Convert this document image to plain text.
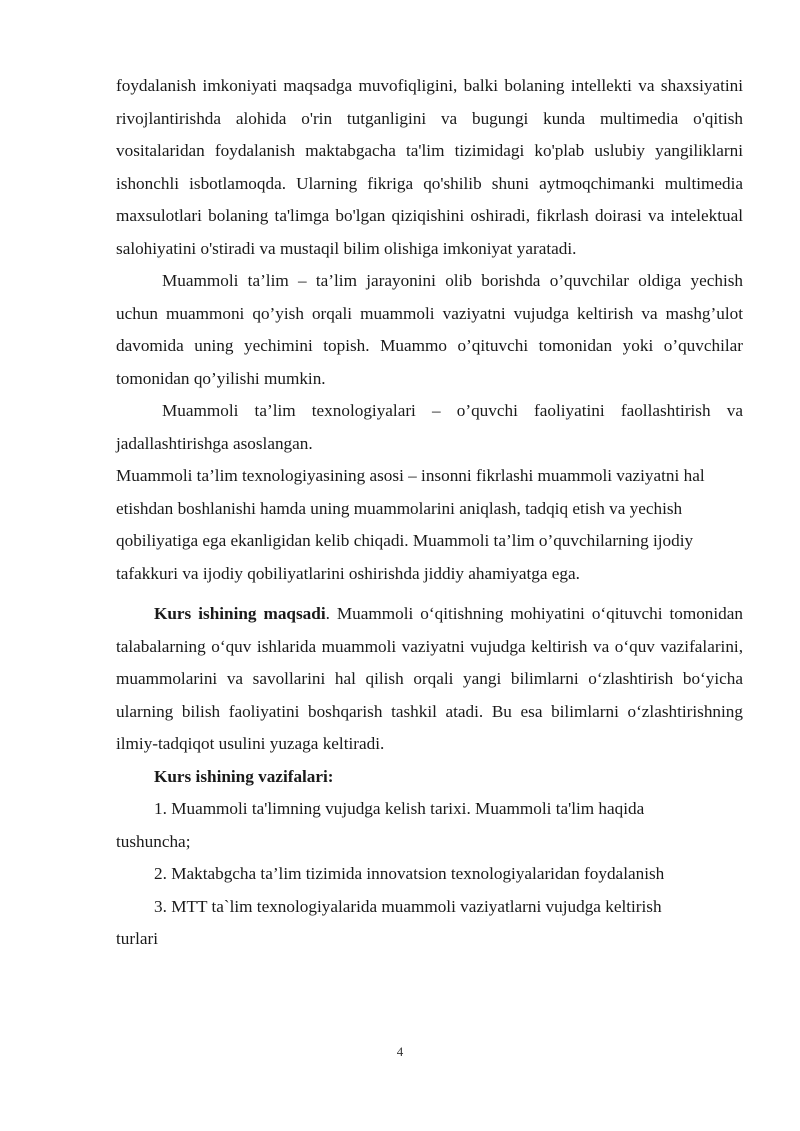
foydalanish imkoniyati maqsadga muvofiqligini, balki bolaning intellekti va shaxsiyatini rivojlantirishda alohida o'rin tutganligini va bugungi kunda multimedia o'qitish vositalaridan foydalanish maktabgacha ta'lim tizimidagi ko'plab uslubiy yangiliklarni ishonchli isbotlamoqda. Ularning fikriga qo'shilib shuni aytmoqchimanki multimedia maxsulotlari bolaning ta'limga bo'lgan qiziqishini oshiradi, fikrlash doirasi va intelektual salohiyatini o'stiradi va mustaqil bilim olishiga imkoniyat yaratadi.

Muammoli ta’lim – ta’lim jarayonini olib borishda o’quvchilar oldiga yechish uchun muammoni qo’yish orqali muammoli vaziyatni vujudga keltirish va mashg’ulot davomida uning yechimini topish. Muammo o’qituvchi tomonidan yoki o’quvchilar tomonidan qo’yilishi mumkin.

Muammoli ta’lim texnologiyalari – o’quvchi faoliyatini faollashtirish va jadallashtirishga asoslangan.

Muammoli ta’lim texnologiyasining asosi – insonni fikrlashi muammoli vaziyatni hal etishdan boshlanishi hamda uning muammolarini aniqlash, tadqiq etish va yechish qobiliyatiga ega ekanligidan kelib chiqadi. Muammoli ta’lim o’quvchilarning ijodiy tafakkuri va ijodiy qobiliyatlarini oshirishda jiddiy ahamiyatga ega.

Kurs ishining maqsadi. Muammoli o‘qitishning mohiyatini o‘qituvchi tomonidan talabalarning o‘quv ishlarida muammoli vaziyatni vujudga keltirish va o‘quv vazifalarini, muammolarini va savollarini hal qilish orqali yangi bilimlarni o‘zlashtirish bo‘yicha ularning bilish faoliyatini boshqarish tashkil atadi. Bu esa bilimlarni o‘zlashtirishning ilmiy-tadqiqot usulini yuzaga keltiradi.

Kurs ishining vazifalari:

1. Muammoli ta'limning vujudga kelish tarixi. Muammoli ta'lim haqida

tushuncha;

2. Maktabgcha ta’lim tizimida innovatsion texnologiyalaridan foydalanish

3. MTT ta`lim texnologiyalarida muammoli vaziyatlarni vujudga keltirish

turlari

4
